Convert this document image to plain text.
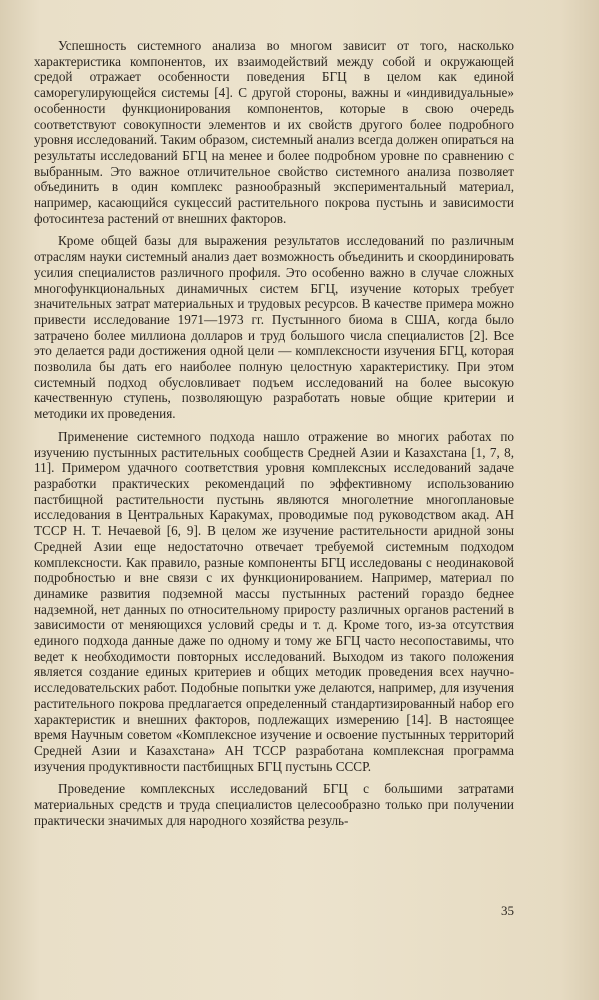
Успешность системного анализа во многом зависит от того, насколько характеристика компонентов, их взаимодействий между собой и окружающей средой отражает особенности поведения БГЦ в целом как единой саморегулирующейся системы [4]. С другой стороны, важны и «индивидуальные» особенности функционирования компонентов, которые в свою очередь соответствуют совокупности элементов и их свойств другого более подробного уровня исследований. Таким образом, системный анализ всегда должен опираться на результаты исследований БГЦ на менее и более подробном уровне по сравнению с выбранным. Это важное отличительное свойство системного анализа позволяет объединить в один комплекс разнообразный экспериментальный материал, например, касающийся сукцессий растительного покрова пустынь и зависимости фотосинтеза растений от внешних факторов.

Кроме общей базы для выражения результатов исследований по различным отраслям науки системный анализ дает возможность объединить и скоординировать усилия специалистов различного профиля. Это особенно важно в случае сложных многофункциональных динамичных систем БГЦ, изучение которых требует значительных затрат материальных и трудовых ресурсов. В качестве примера можно привести исследование 1971—1973 гг. Пустынного биома в США, когда было затрачено более миллиона долларов и труд большого числа специалистов [2]. Все это делается ради достижения одной цели — комплексности изучения БГЦ, которая позволила бы дать его наиболее полную целостную характеристику. При этом системный подход обусловливает подъем исследований на более высокую качественную ступень, позволяющую разработать новые общие критерии и методики их проведения.

Применение системного подхода нашло отражение во многих работах по изучению пустынных растительных сообществ Средней Азии и Казахстана [1, 7, 8, 11]. Примером удачного соответствия уровня комплексных исследований задаче разработки практических рекомендаций по эффективному использованию пастбищной растительности пустынь являются многолетние многоплановые исследования в Центральных Каракумах, проводимые под руководством акад. АН ТССР Н. Т. Нечаевой [6, 9]. В целом же изучение растительности аридной зоны Средней Азии еще недостаточно отвечает требуемой системным подходом комплексности. Как правило, разные компоненты БГЦ исследованы с неодинаковой подробностью и вне связи с их функционированием. Например, материал по динамике развития подземной массы пустынных растений гораздо беднее надземной, нет данных по относительному приросту различных органов растений в зависимости от меняющихся условий среды и т. д. Кроме того, из-за отсутствия единого подхода данные даже по одному и тому же БГЦ часто несопоставимы, что ведет к необходимости повторных исследований. Выходом из такого положения является создание единых критериев и общих методик проведения всех научно-исследовательских работ. Подобные попытки уже делаются, например, для изучения растительного покрова предлагается определенный стандартизированный набор его характеристик и внешних факторов, подлежащих измерению [14]. В настоящее время Научным советом «Комплексное изучение и освоение пустынных территорий Средней Азии и Казахстана» АН ТССР разработана комплексная программа изучения продуктивности пастбищных БГЦ пустынь СССР.

Проведение комплексных исследований БГЦ с большими затратами материальных средств и труда специалистов целесообразно только при получении практически значимых для народного хозяйства резуль-

35
